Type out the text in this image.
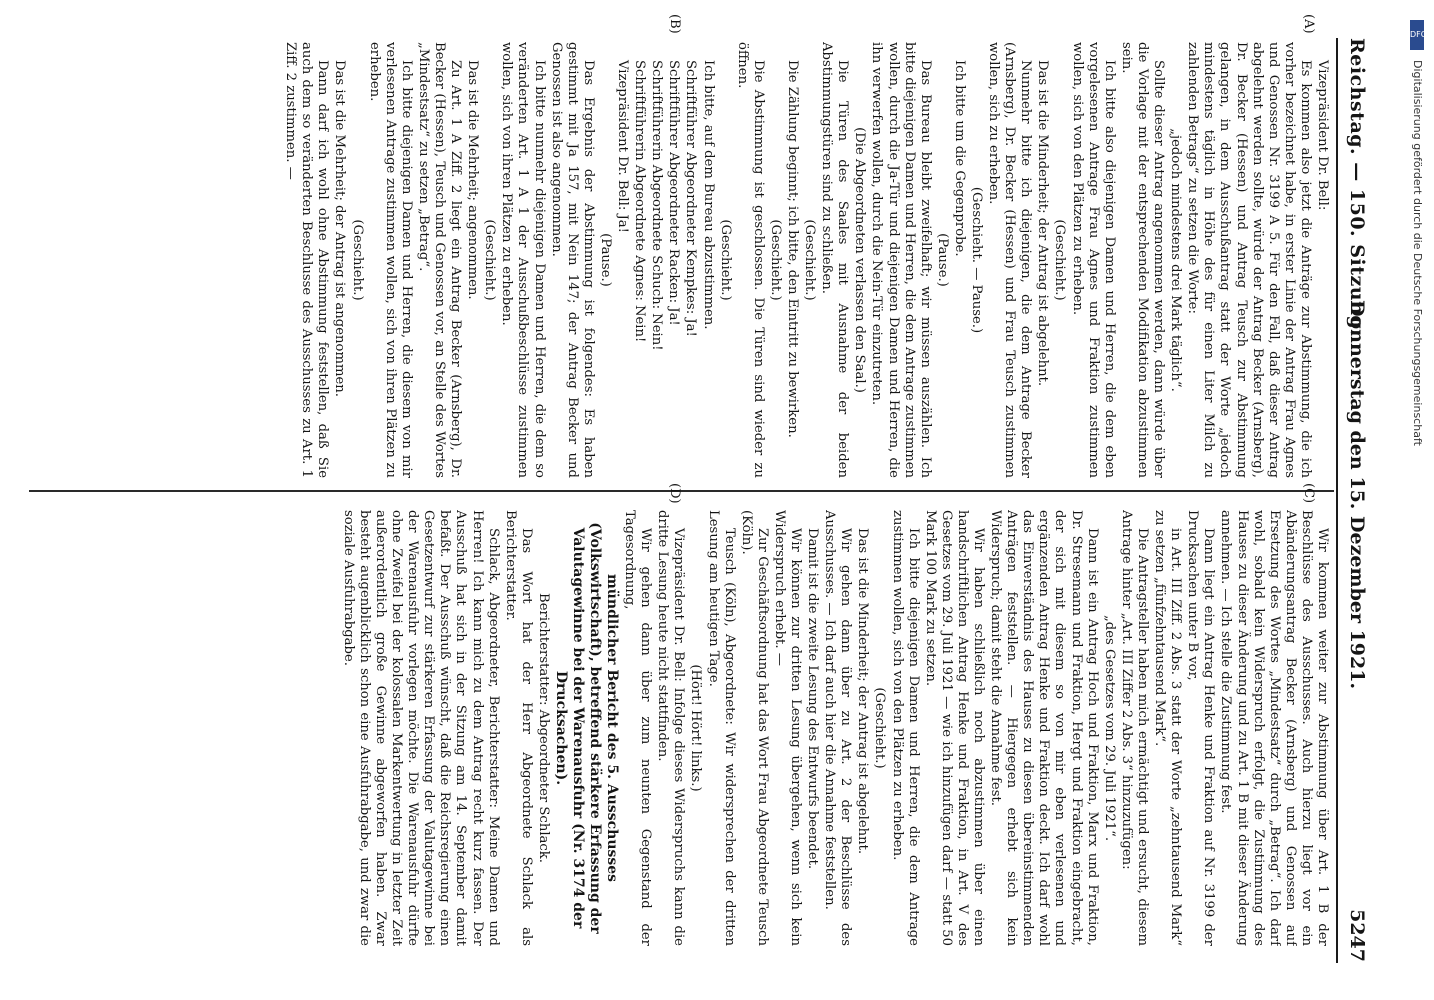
Reichstag. — 150. Sitzung.
Donnerstag den 15. Dezember 1921.
5247
(A)
(B)
(C)
(D)

Vizepräsident Dr. Bell:

Es kommen also jetzt die Anträge zur Abstimmung, die ich vorher bezeichnet habe, in erster Linie der Antrag Frau Agnes und Genossen Nr. 3199 A 5. Für den Fall, daß dieser Antrag abgelehnt werden sollte, würde der Antrag Becker (Arnsberg), Dr. Becker (Hessen) und Antrag Teusch zur Abstimmung gelangen, in dem Ausschußantrag statt der Worte „jedoch mindestens täglich in Höhe des für einen Liter Milch zu zahlenden Betrags“ zu setzen die Worte:

„jedoch mindestens drei Mark täglich“.

Sollte dieser Antrag angenommen werden, dann würde über die Vorlage mit der entsprechenden Modifikation abzustimmen sein.

Ich bitte also diejenigen Damen und Herren, die dem eben vorgelesenen Antrage Frau Agnes und Fraktion zustimmen wollen, sich von den Plätzen zu erheben.

(Geschieht.)

Das ist die Minderheit; der Antrag ist abgelehnt.

Nunmehr bitte ich diejenigen, die dem Antrage Becker (Arnsberg), Dr. Becker (Hessen) und Frau Teusch zustimmen wollen, sich zu erheben.

(Geschieht. — Pause.)

Ich bitte um die Gegenprobe.

(Pause.)

Das Bureau bleibt zweifelhaft; wir müssen auszählen. Ich bitte diejenigen Damen und Herren, die dem Antrage zustimmen wollen, durch die Ja-Tür und diejenigen Damen und Herren, die ihn verwerfen wollen, durch die Nein-Tür einzutreten.

(Die Abgeordneten verlassen den Saal.)

Die Türen des Saales mit Ausnahme der beiden Abstimmungstüren sind zu schließen.

(Geschieht.)

Die Zählung beginnt; ich bitte, den Eintritt zu bewirken.

(Geschieht.)

Die Abstimmung ist geschlossen. Die Türen sind wieder zu öffnen.

(Geschieht.)

Ich bitte, auf dem Bureau abzustimmen.

Schriftführer Abgeordneter Kempkes: Ja!

Schriftführer Abgeordneter Racken: Ja!

Schriftführerin Abgeordnete Schuch: Nein!

Schriftführerin Abgeordnete Agnes: Nein!

Vizepräsident Dr. Bell: Ja!

(Pause.)

Das Ergebnis der Abstimmung ist folgendes: Es haben gestimmt mit Ja 157, mit Nein 147; der Antrag Becker und Genossen ist also angenommen.

Ich bitte nunmehr diejenigen Damen und Herren, die dem so veränderten Art. 1 A 1 der Ausschußbeschlüsse zustimmen wollen, sich von ihren Plätzen zu erheben.

(Geschieht.)

Das ist die Mehrheit; angenommen.

Zu Art. 1 A Ziff. 2 liegt ein Antrag Becker (Arnsberg), Dr. Becker (Hessen), Teusch und Genossen vor, an Stelle des Wortes „Mindestsatz“ zu setzen „Betrag“.

Ich bitte diejenigen Damen und Herren, die diesem von mir verlesenen Antrage zustimmen wollen, sich von ihren Plätzen zu erheben.

(Geschieht.)

Das ist die Mehrheit; der Antrag ist angenommen.

Dann darf ich wohl ohne Abstimmung feststellen, daß Sie auch dem so veränderten Beschlusse des Ausschusses zu Art. 1 Ziff. 2 zustimmen. —

Wir kommen weiter zur Abstimmung über Art. 1 B der Beschlüsse des Ausschusses. Auch hierzu liegt vor ein Abänderungsantrag Becker (Arnsberg) und Genossen auf Ersetzung des Wortes „Mindestsatz“ durch „Betrag“. Ich darf wohl, sobald kein Widerspruch erfolgt, die Zustimmung des Hauses zu dieser Änderung und zu Art. 1 B mit dieser Änderung annehmen. — Ich stelle die Zustimmung fest.

Dann liegt ein Antrag Henke und Fraktion auf Nr. 3199 der Drucksachen unter B vor,

in Art. III Ziff. 2 Abs. 3 statt der Worte „zehntausend Mark“ zu setzen „fünfzehntausend Mark“.

Die Antragsteller haben mich ermächtigt und ersucht, diesem Antrage hinter „Art. III Ziffer 2 Abs. 3“ hinzuzufügen:

„des Gesetzes vom 29. Juli 1921“.

Dann ist ein Antrag Hoch und Fraktion, Marx und Fraktion, Dr. Stresemann und Fraktion, Hergt und Fraktion eingebracht, der sich mit diesem so von mir eben verlesenen und ergänzenden Antrag Henke und Fraktion deckt. Ich darf wohl das Einverständnis des Hauses zu diesen übereinstimmenden Anträgen feststellen. — Hiergegen erhebt sich kein Widerspruch; damit steht die Annahme fest.

Wir haben schließlich noch abzustimmen über einen handschriftlichen Antrag Henke und Fraktion, in Art. V des Gesetzes vom 29. Juli 1921 — wie ich hinzufügen darf — statt 50 Mark 100 Mark zu setzen.

Ich bitte diejenigen Damen und Herren, die dem Antrage zustimmen wollen, sich von den Plätzen zu erheben.

(Geschieht.)

Das ist die Minderheit; der Antrag ist abgelehnt.

Wir gehen dann über zu Art. 2 der Beschlüsse des Ausschusses. — Ich darf auch hier die Annahme feststellen.

Damit ist die zweite Lesung des Entwurfs beendet.

Wir können zur dritten Lesung übergehen, wenn sich kein Widerspruch erhebt. —

Zur Geschäftsordnung hat das Wort Frau Abgeordnete Teusch (Köln).

Teusch (Köln), Abgeordnete: Wir widersprechen der dritten Lesung am heutigen Tage.

(Hört! Hört! links.)

Vizepräsident Dr. Bell: Infolge dieses Widerspruchs kann die dritte Lesung heute nicht stattfinden.

Wir gehen dann über zum neunten Gegenstand der Tagesordnung,

mündlicher Bericht des 5. Ausschusses (Volkswirtschaft), betreffend stärkere Erfassung der Valutagewinne bei der Warenausfuhr (Nr. 3174 der Drucksachen).

Berichterstatter: Abgeordneter Schlack.

Das Wort hat der Herr Abgeordnete Schlack als Berichterstatter.

Schlack, Abgeordneter, Berichterstatter: Meine Damen und Herren! Ich kann mich zu dem Antrag recht kurz fassen. Der Ausschuß hat sich in der Sitzung am 14. September damit befaßt. Der Ausschuß wünscht, daß die Reichsregierung einen Gesetzentwurf zur stärkeren Erfassung der Valutagewinne bei der Warenausfuhr vorlegen möchte. Die Warenausfuhr dürfte ohne Zweifel bei der kolossalen Markentwertung in letzter Zeit außerordentlich große Gewinne abgeworfen haben. Zwar besteht augenblicklich schon eine Ausfuhrabgabe, und zwar die soziale Ausfuhrabgabe.

DFG
Digitalisierung gefördert durch die Deutsche Forschungsgemeinschaft
